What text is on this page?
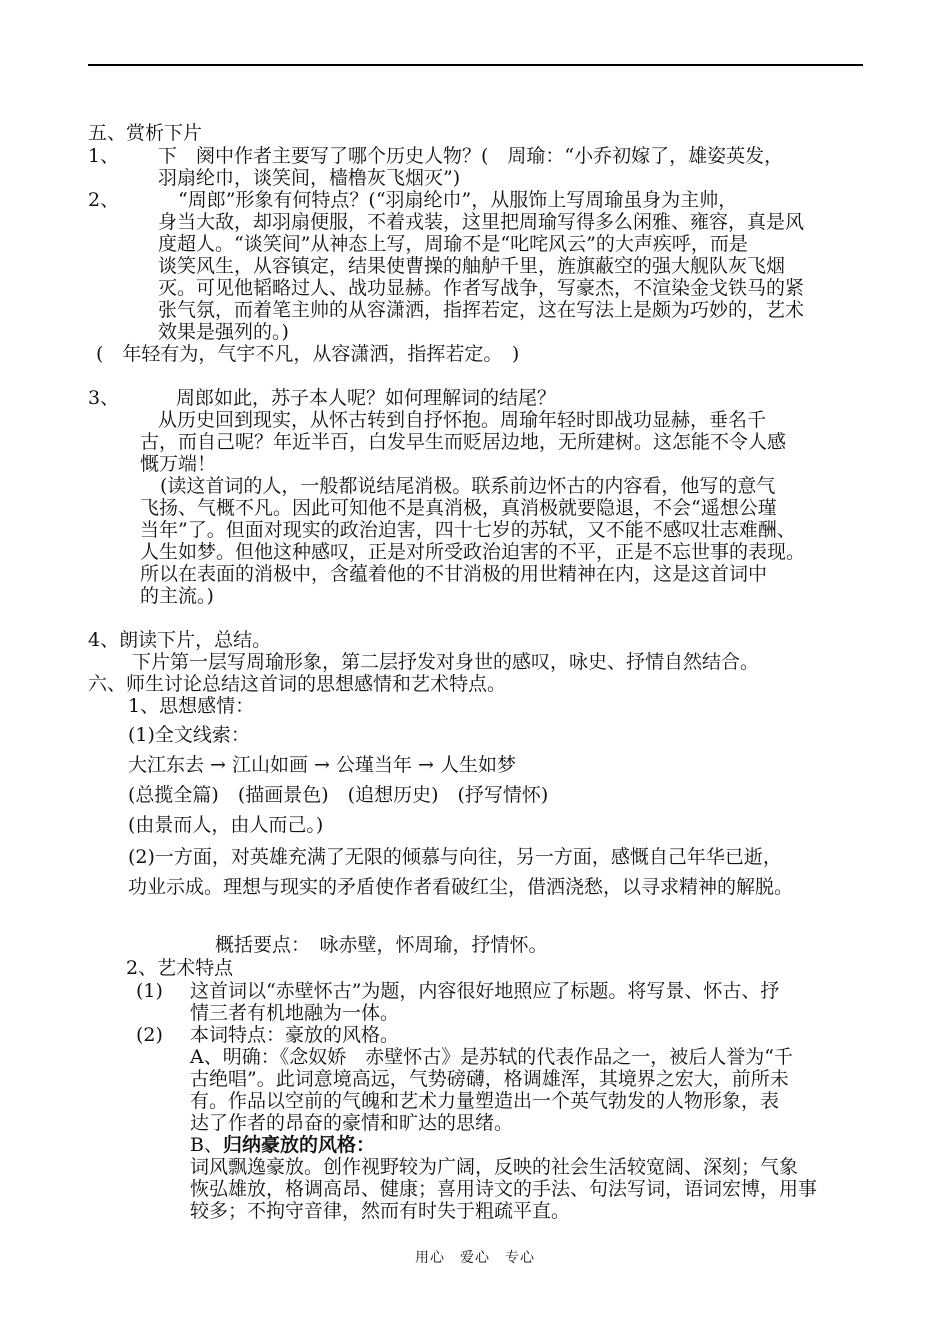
五、赏析下片
1、 下　阕中作者主要写了哪个历史人物？(　周瑜：“小乔初嫁了，雄姿英发，
羽扇纶巾，谈笑间，樯橹灰飞烟灭”)
2、	“周郎”形象有何特点？(“羽扇纶巾”，从服饰上写周瑜虽身为主帅，
身当大敌，却羽扇便服，不着戎装，这里把周瑜写得多么闲雅、雍容，真是风
度超人。“谈笑间”从神态上写，周瑜不是“叱咤风云”的大声疾呼，而是
谈笑风生，从容镇定，结果使曹操的舳舻千里，旌旗蔽空的强大舰队灰飞烟
灭。可见他韬略过人、战功显赫。作者写战争，写豪杰，不渲染金戈铁马的紧
张气氛，而着笔主帅的从容潇洒，指挥若定，这在写法上是颇为巧妙的，艺术
效果是强列的。)
(　年轻有为，气宇不凡，从容潇洒，指挥若定。　)
3、	周郎如此，苏子本人呢？如何理解词的结尾？
从历史回到现实，从怀古转到自抒怀抱。周瑜年轻时即战功显赫，垂名千
古，而自己呢？年近半百，白发早生而贬居边地，无所建树。这怎能不令人感
慨万端！
(读这首词的人，一般都说结尾消极。联系前边怀古的内容看，他写的意气
飞扬、气概不凡。因此可知他不是真消极，真消极就要隐退，不会“遥想公瑾
当年”了。但面对现实的政治迫害，四十七岁的苏轼，又不能不感叹壮志难酬、
人生如梦。但他这种感叹，正是对所受政治迫害的不平，正是不忘世事的表现。
所以在表面的消极中，含蕴着他的不甘消极的用世精神在内，这是这首词中
的主流。)
4、朗读下片，总结。
下片第一层写周瑜形象，第二层抒发对身世的感叹，咏史、抒情自然结合。
六、师生讨论总结这首词的思想感情和艺术特点。
1、思想感情：
(1)全文线索：
大江东去 → 江山如画 → 公瑾当年 → 人生如梦
(总揽全篇)　(描画景色)　(追想历史)　(抒写情怀)
(由景而人，由人而己。)
(2)一方面，对英雄充满了无限的倾慕与向往，另一方面，感慨自己年华已逝，
功业示成。理想与现实的矛盾使作者看破红尘，借洒浇愁，以寻求精神的解脱。
概括要点：　咏赤壁，怀周瑜，抒情怀。
2、艺术特点
(1) 这首词以“赤壁怀古”为题，内容很好地照应了标题。将写景、怀古、抒
情三者有机地融为一体。
(2) 本词特点：豪放的风格。
A、明确：《念奴娇　赤壁怀古》是苏轼的代表作品之一，被后人誉为“千
古绝唱”。此词意境高远，气势磅礴，格调雄浑，其境界之宏大，前所未
有。作品以空前的气魄和艺术力量塑造出一个英气勃发的人物形象，表
达了作者的昂奋的豪情和旷达的思绪。
B、归纳豪放的风格：
词风飘逸豪放。创作视野较为广阔，反映的社会生活较宽阔、深刻；气象
恢弘雄放，格调高昂、健康；喜用诗文的手法、句法写词，语词宏博，用事
较多；不拘守音律，然而有时失于粗疏平直。
用心　爱心　专心
